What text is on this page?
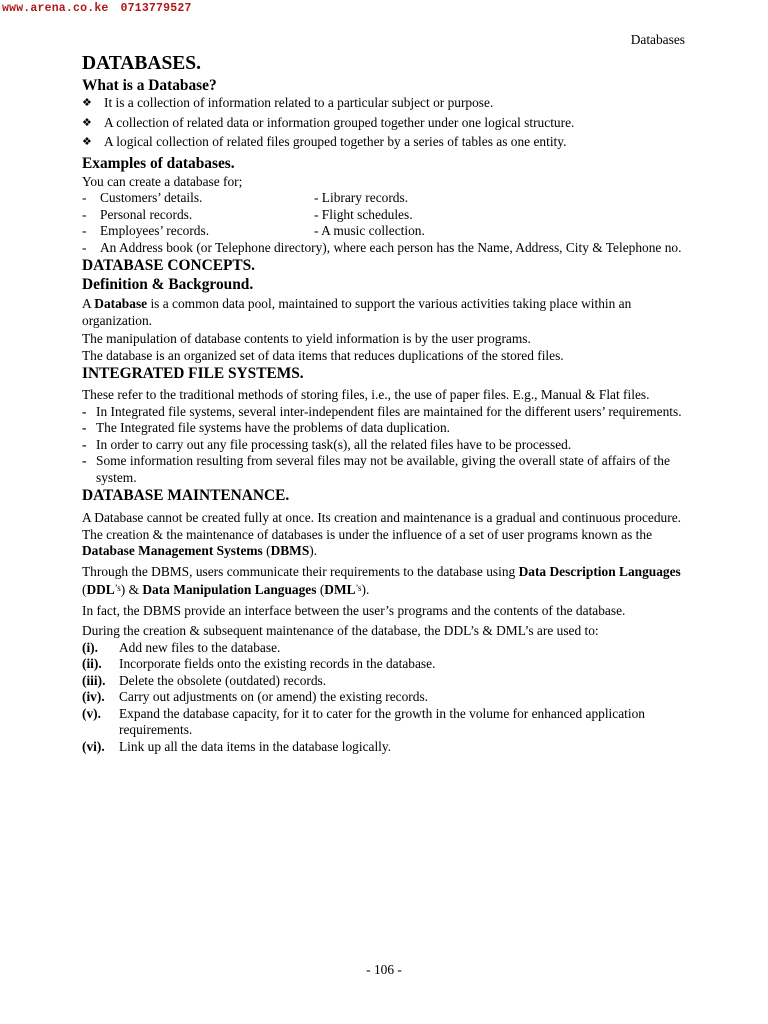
www.arena.co.ke 0713779527
Databases
DATABASES.
What is a Database?
❖ It is a collection of information related to a particular subject or purpose.
❖ A collection of related data or information grouped together under one logical structure.
❖ A logical collection of related files grouped together by a series of tables as one entity.
Examples of databases.

You can create a database for;

- Customers’ details.	- Library records.
- Personal records.	- Flight schedules.
- Employees’ records.	- A music collection.
- An Address book (or Telephone directory), where each person has the Name, Address, City & Telephone no.
DATABASE CONCEPTS.
Definition & Background.

A Database is a common data pool, maintained to support the various activities taking place within an organization.

The manipulation of database contents to yield information is by the user programs.

The database is an organized set of data items that reduces duplications of the stored files.

INTEGRATED FILE SYSTEMS.

These refer to the traditional methods of storing files, i.e., the use of paper files. E.g., Manual & Flat files.

- In Integrated file systems, several inter-independent files are maintained for the different users’ requirements.
- The Integrated file systems have the problems of data duplication.
- In order to carry out any file processing task(s), all the related files have to be processed.
- Some information resulting from several files may not be available, giving the overall state of affairs of the system.
DATABASE MAINTENANCE.

A Database cannot be created fully at once. Its creation and maintenance is a gradual and continuous procedure. The creation & the maintenance of databases is under the influence of a set of user programs known as the Database Management Systems (DBMS).

Through the DBMS, users communicate their requirements to the database using Data Description Languages $(DDL^{’s})$ & Data Manipulation Languages $(DML^{’s})$.

In fact, the DBMS provide an interface between the user’s programs and the contents of the database.

During the creation & subsequent maintenance of the database, the DDL’s & DML’s are used to:

(i). Add new files to the database.
(ii). Incorporate fields onto the existing records in the database.
(iii). Delete the obsolete (outdated) records.
(iv). Carry out adjustments on (or amend) the existing records.
(v). Expand the database capacity, for it to cater for the growth in the volume for enhanced application requirements.
(vi). Link up all the data items in the database logically.
- 106 -
